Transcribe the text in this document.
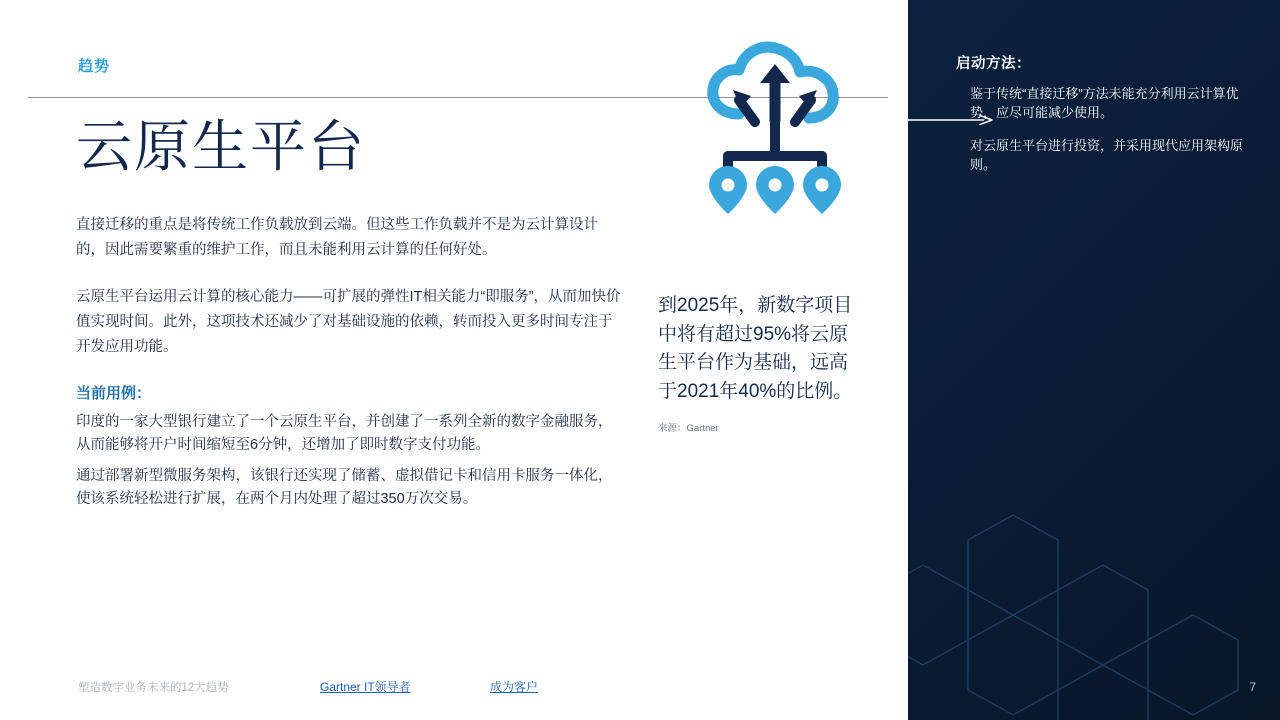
趋势
云原生平台

直接迁移的重点是将传统工作负载放到云端。但这些工作负载并不是为云计算设计的，因此需要繁重的维护工作，而且未能利用云计算的任何好处。

云原生平台运用云计算的核心能力——可扩展的弹性IT相关能力“即服务”，从而加快价值实现时间。此外，这项技术还减少了对基础设施的依赖，转而投入更多时间专注于开发应用功能。

当前用例：

印度的一家大型银行建立了一个云原生平台，并创建了一系列全新的数字金融服务，从而能够将开户时间缩短至6分钟，还增加了即时数字支付功能。

通过部署新型微服务架构，该银行还实现了储蓄、虚拟借记卡和信用卡服务一体化，使该系统轻松进行扩展，在两个月内处理了超过350万次交易。

到2025年，新数字项目中将有超过95%将云原生平台作为基础，远高于2021年40%的比例。
来源：Gartner
塑造数字业务未来的12大趋势	Gartner IT领导者	成为客户
启动方法：

鉴于传统“直接迁移”方法未能充分利用云计算优势，应尽可能减少使用。

对云原生平台进行投资，并采用现代应用架构原则。

7
